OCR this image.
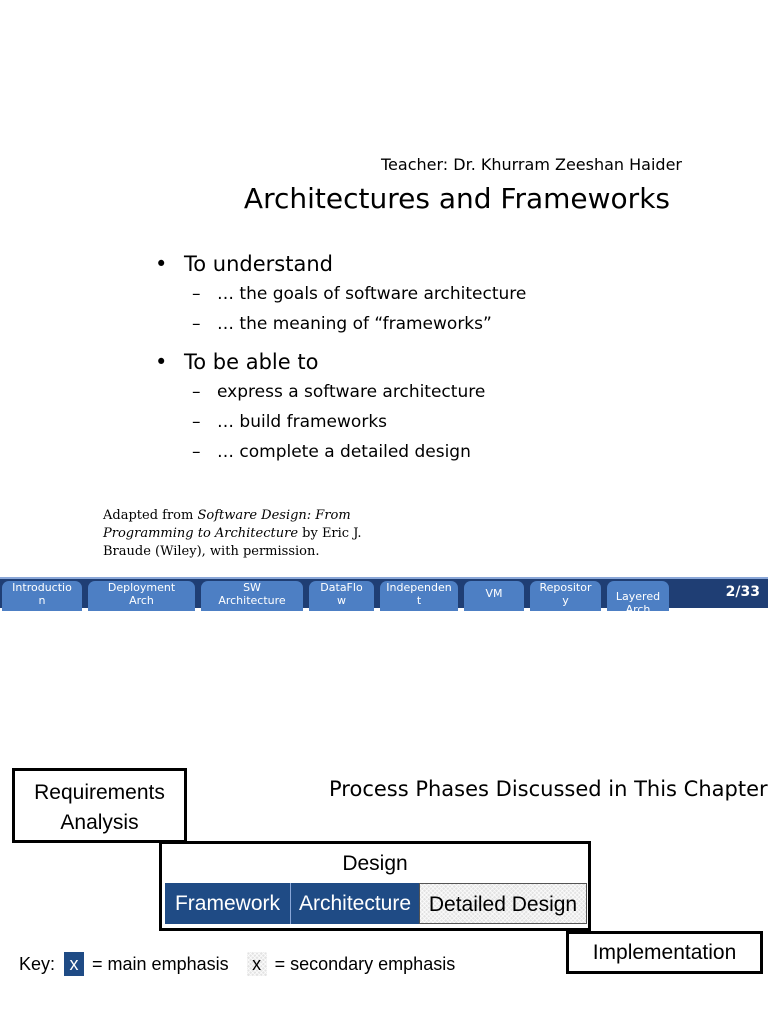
Teacher: Dr. Khurram Zeeshan Haider
Architectures and Frameworks
• To understand
– … the goals of software architecture
– … the meaning of “frameworks”
• To be able to
– express a software architecture
– … build frameworks
– … complete a detailed design
Adapted from Software Design: From Programming to Architecture by Eric J. Braude (Wiley), with permission.
Introductio
n
Deployment
Arch
SW
Architecture
DataFlo
w
Independen
t
VM	Repositor
y	Layered
Arch
2/33
Requirements Analysis
Process Phases Discussed in This Chapter
Design
Framework Architecture Detailed Design
Implementation
Key: x = main emphasis	x = secondary emphasis
